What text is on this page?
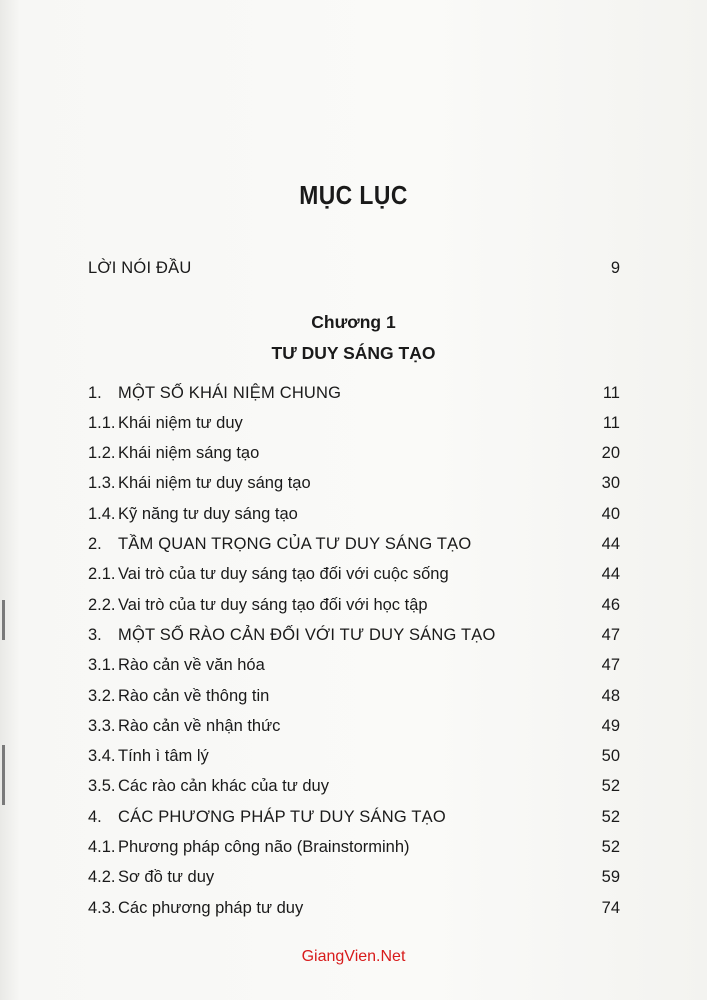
MỤC LỤC
LỜI NÓI ĐẦU	9
Chương 1
TƯ DUY SÁNG TẠO
1. MỘT SỐ KHÁI NIỆM CHUNG	11
1.1. Khái niệm tư duy	11
1.2. Khái niệm sáng tạo	20
1.3. Khái niệm tư duy sáng tạo	30
1.4. Kỹ năng tư duy sáng tạo	40
2. TẦM QUAN TRỌNG CỦA TƯ DUY SÁNG TẠO	44
2.1. Vai trò của tư duy sáng tạo đối với cuộc sống	44
2.2. Vai trò của tư duy sáng tạo đối với học tập	46
3. MỘT SỐ RÀO CẢN ĐỐI VỚI TƯ DUY SÁNG TẠO	47
3.1. Rào cản về văn hóa	47
3.2. Rào cản về thông tin	48
3.3. Rào cản về nhận thức	49
3.4. Tính ì tâm lý	50
3.5. Các rào cản khác của tư duy	52
4. CÁC PHƯƠNG PHÁP TƯ DUY SÁNG TẠO	52
4.1. Phương pháp công não (Brainstorminh)	52
4.2. Sơ đồ tư duy	59
4.3. Các phương pháp tư duy	74
GiangVien.Net
